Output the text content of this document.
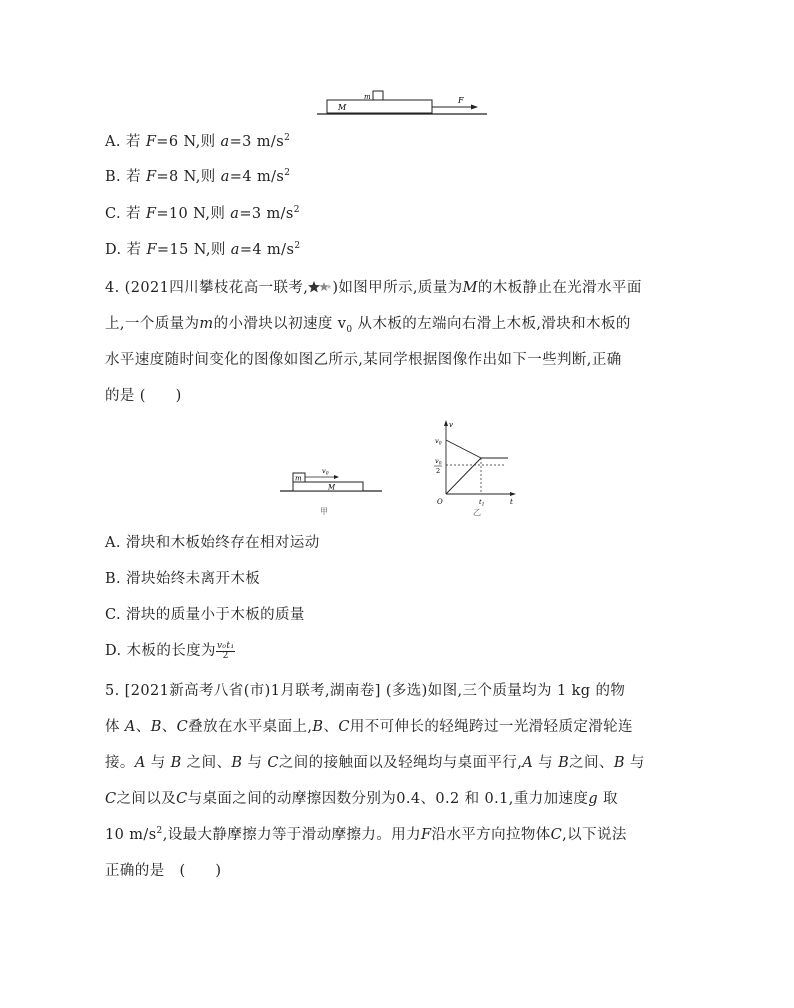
m
M
F
A. 若 F=6 N,则 a=3 $m/s^2$
B. 若 F=8 N,则 a=4 $m/s^2$
C. 若 F=10 N,则 a=3 $m/s^2$
D. 若 F=15 N,则 a=4 $m/s^2$
4. (2021四川攀枝花高一联考, )如图甲所示,质量为M的木板静止在光滑水平面
上,一个质量为m的小滑块以初速度 $v_0$ 从木板的左端向右滑上木板,滑块和木板的
水平速度随时间变化的图像如图乙所示,某同学根据图像作出如下一些判断,正确
的是 (　　)
m
M
$v_0$
甲
v
t
O
$v_0$
$v_0$
2
$t_1$
乙
A. 滑块和木板始终存在相对运动
B. 滑块始终未离开木板
C. 滑块的质量小于木板的质量
D. 木板的长度为 $\frac{\text{v₀t₁}}{2}$
5. [2021新高考八省(市)1月联考,湖南卷] (多选)如图,三个质量均为 1 kg 的物
体 A、B、C叠放在水平桌面上,B、C用不可伸长的轻绳跨过一光滑轻质定滑轮连
接。A 与 B 之间、B 与 C之间的接触面以及轻绳均与桌面平行,A 与 B之间、B 与
C之间以及C与桌面之间的动摩擦因数分别为0.4、0.2 和 0.1,重力加速度g 取
10 $m/s^2$,设最大静摩擦力等于滑动摩擦力。用力F沿水平方向拉物体C,以下说法
正确的是　(　　)
